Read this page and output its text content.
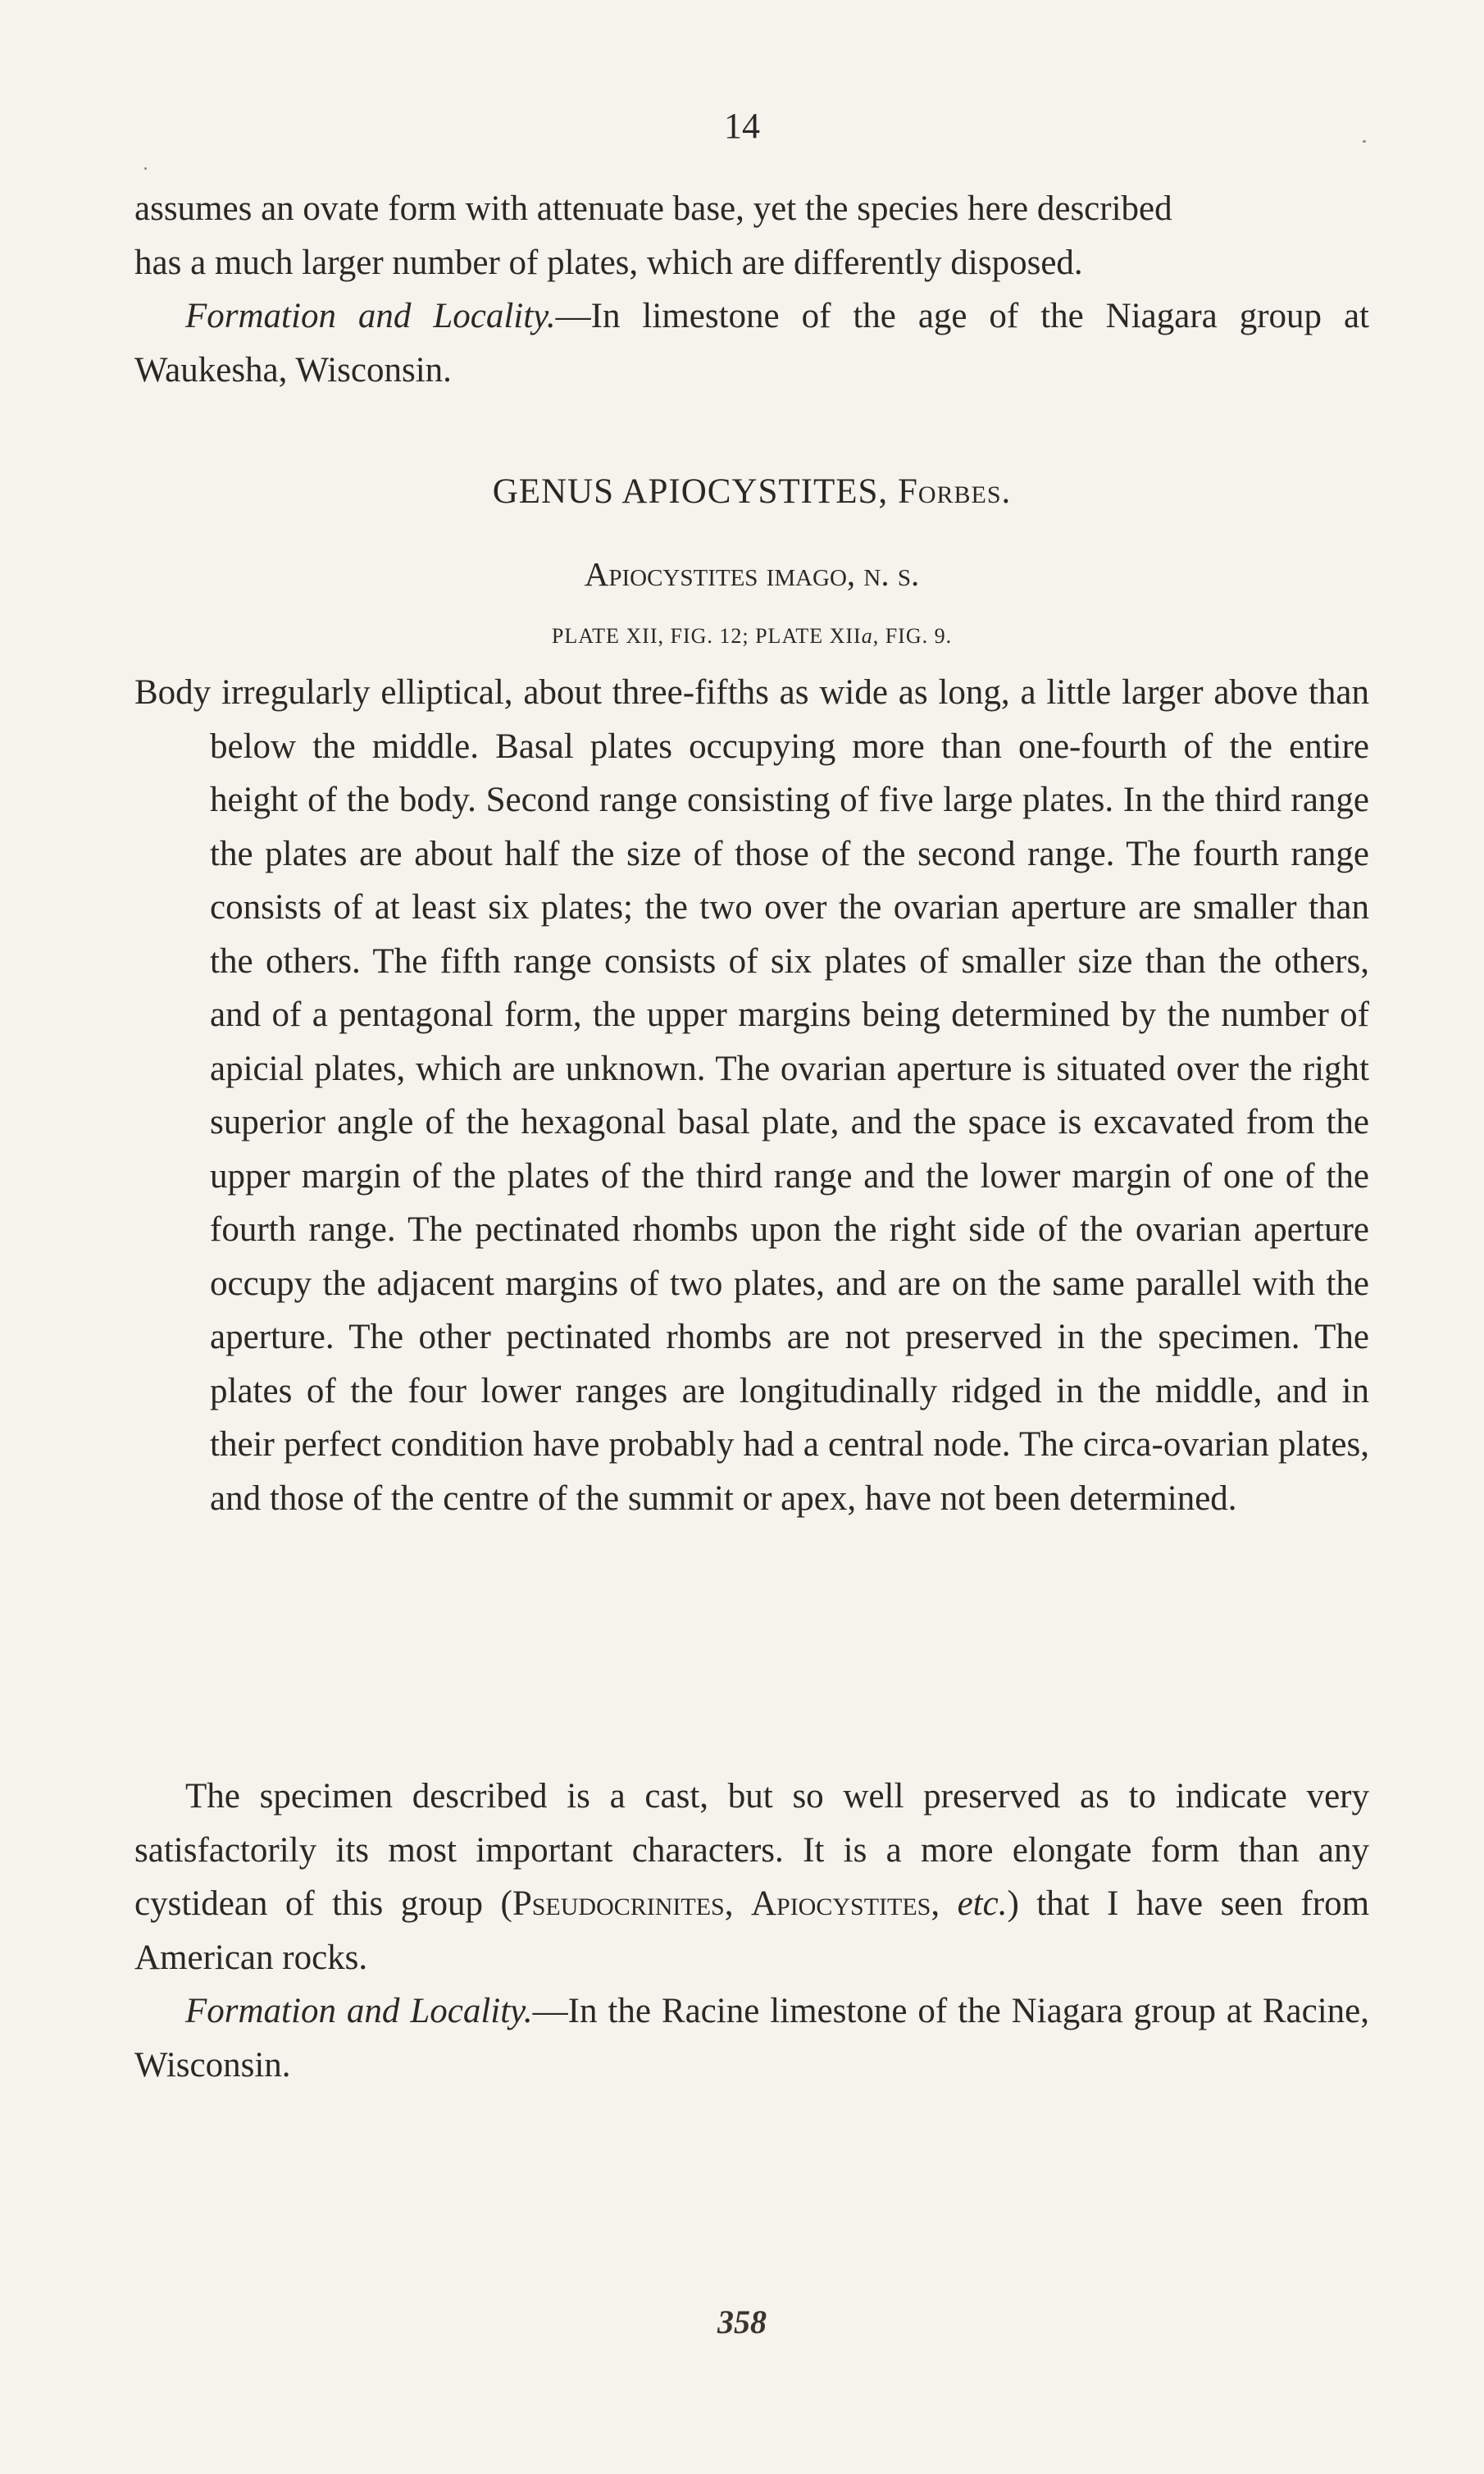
14

assumes an ovate form with attenuate base, yet the species here described
has a much larger number of plates, which are differently disposed.

Formation and Locality.—In limestone of the age of the Niagara group at Waukesha, Wisconsin.

GENUS APIOCYSTITES, Forbes.
Apiocystites imago, n. s.
PLATE XII, FIG. 12; PLATE XIIa, FIG. 9.

Body irregularly elliptical, about three-fifths as wide as long, a little larger above than below the middle. Basal plates occupying more than one-fourth of the entire height of the body. Second range consisting of five large plates. In the third range the plates are about half the size of those of the second range. The fourth range consists of at least six plates; the two over the ovarian aperture are smaller than the others. The fifth range consists of six plates of smaller size than the others, and of a pentagonal form, the upper margins being determined by the number of apicial plates, which are unknown. The ovarian aperture is situated over the right superior angle of the hexagonal basal plate, and the space is excavated from the upper margin of the plates of the third range and the lower margin of one of the fourth range. The pectinated rhombs upon the right side of the ovarian aperture occupy the adjacent margins of two plates, and are on the same parallel with the aperture. The other pectinated rhombs are not preserved in the specimen. The plates of the four lower ranges are longitudinally ridged in the middle, and in their perfect condition have probably had a central node. The circa-ovarian plates, and those of the centre of the summit or apex, have not been determined.

The specimen described is a cast, but so well preserved as to indicate very satisfactorily its most important characters. It is a more elongate form than any cystidean of this group (Pseudocrinites, Apiocystites, etc.) that I have seen from American rocks.

Formation and Locality.—In the Racine limestone of the Niagara group at Racine, Wisconsin.

358
